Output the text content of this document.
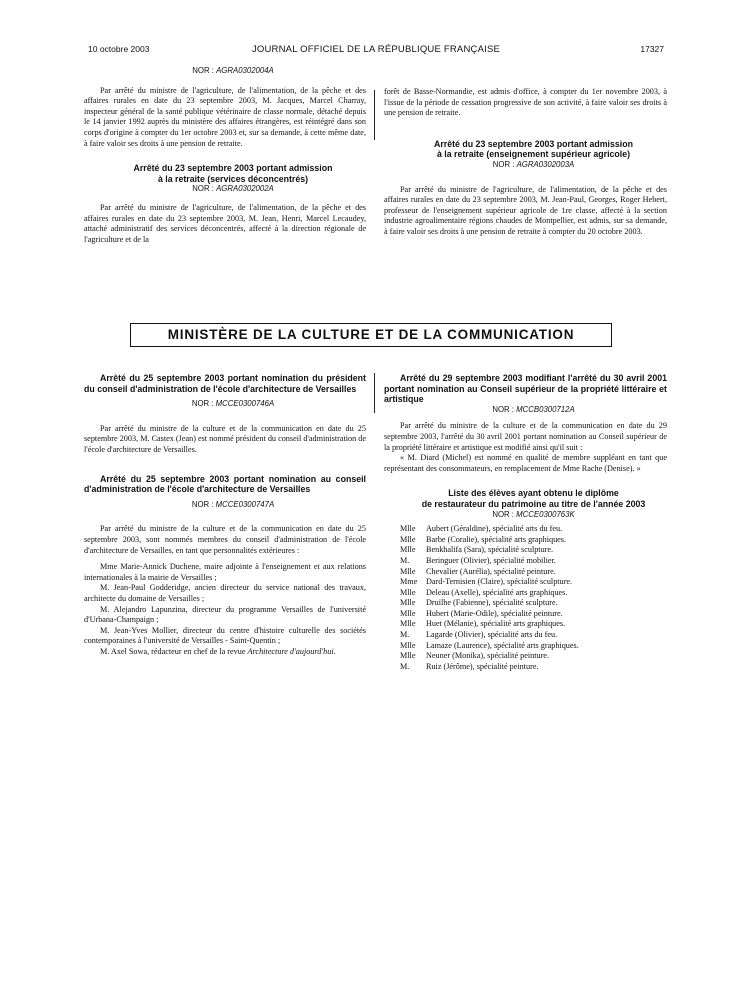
10 octobre 2003	JOURNAL OFFICIEL DE LA RÉPUBLIQUE FRANÇAISE	17327

NOR : AGRA0302004A

Par arrêté du ministre de l'agriculture, de l'alimentation, de la pêche et des affaires rurales en date du 23 septembre 2003, M. Jacques, Marcel Charray, inspecteur général de la santé publique vétérinaire de classe normale, détaché depuis le 14 janvier 1992 auprès du ministère des affaires étrangères, est réintégré dans son corps d'origine à compter du 1er octobre 2003 et, sur sa demande, à cette même date, à faire valoir ses droits à une pension de retraite.

Arrêté du 23 septembre 2003 portant admission

à la retraite (services déconcentrés)

NOR : AGRA0302002A

Par arrêté du ministre de l'agriculture, de l'alimentation, de la pêche et des affaires rurales en date du 23 septembre 2003, M. Jean, Henri, Marcel Lecaudey, attaché administratif des services déconcentrés, affecté à la direction régionale de l'agriculture et de la

forêt de Basse-Normandie, est admis d'office, à compter du 1er novembre 2003, à l'issue de la période de cessation progressive de son activité, à faire valoir ses droits à une pension de retraite.

Arrêté du 23 septembre 2003 portant admission

à la retraite (enseignement supérieur agricole)

NOR : AGRA0302003A

Par arrêté du ministre de l'agriculture, de l'alimentation, de la pêche et des affaires rurales en date du 23 septembre 2003, M. Jean-Paul, Georges, Roger Hebert, professeur de l'enseignement supérieur agricole de 1re classe, affecté à la section industrie agroalimentaire régions chaudes de Montpellier, est admis, sur sa demande, à faire valoir ses droits à une pension de retraite à compter du 20 octobre 2003.

MINISTÈRE DE LA CULTURE ET DE LA COMMUNICATION

Arrêté du 25 septembre 2003 portant nomination du président du conseil d'administration de l'école d'architecture de Versailles

NOR : MCCE0300746A

Par arrêté du ministre de la culture et de la communication en date du 25 septembre 2003, M. Castex (Jean) est nommé président du conseil d'administration de l'école d'architecture de Versailles.

Arrêté du 25 septembre 2003 portant nomination au conseil d'administration de l'école d'architecture de Versailles

NOR : MCCE0300747A

Par arrêté du ministre de la culture et de la communication en date du 25 septembre 2003, sont nommés membres du conseil d'administration de l'école d'architecture de Versailles, en tant que personnalités extérieures :

Mme Marie-Annick Duchene, maire adjointe à l'enseignement et aux relations internationales à la mairie de Versailles ;

M. Jean-Paul Godderidge, ancien directeur du service national des travaux, architecte du domaine de Versailles ;

M. Alejandro Lapunzina, directeur du programme Versailles de l'université d'Urbana-Champaign ;

M. Jean-Yves Mollier, directeur du centre d'histoire culturelle des sociétés contemporaines à l'université de Versailles - Saint-Quentin ;

M. Axel Sowa, rédacteur en chef de la revue Architecture d'aujourd'hui.

Arrêté du 29 septembre 2003 modifiant l'arrêté du 30 avril 2001 portant nomination au Conseil supérieur de la propriété littéraire et artistique

NOR : MCCB0300712A

Par arrêté du ministre de la culture et de la communication en date du 29 septembre 2003, l'arrêté du 30 avril 2001 portant nomination au Conseil supérieur de la propriété littéraire et artistique est modifié ainsi qu'il suit :

« M. Diard (Michel) est nommé en qualité de membre suppléant en tant que représentant des consommateurs, en remplacement de Mme Rache (Denise). »

Liste des élèves ayant obtenu le diplôme

de restaurateur du patrimoine au titre de l'année 2003

NOR : MCCE0300763K

Mlle Aubert (Géraldine), spécialité arts du feu.

Mlle Barbe (Coralie), spécialité arts graphiques.

Mlle Benkhalifa (Sara), spécialité sculpture.

M. Beringuer (Olivier), spécialité mobilier.

Mlle Chevalier (Aurélia), spécialité peinture.

Mme Dard-Ternisien (Claire), spécialité sculpture.

Mlle Deleau (Axelle), spécialité arts graphiques.

Mlle Druilhe (Fabienne), spécialité sculpture.

Mlle Hubert (Marie-Odile), spécialité peinture.

Mlle Huet (Mélanie), spécialité arts graphiques.

M. Lagarde (Olivier), spécialité arts du feu.

Mlle Lamaze (Laurence), spécialité arts graphiques.

Mlle Neuner (Monika), spécialité peinture.

M. Ruiz (Jérôme), spécialité peinture.
